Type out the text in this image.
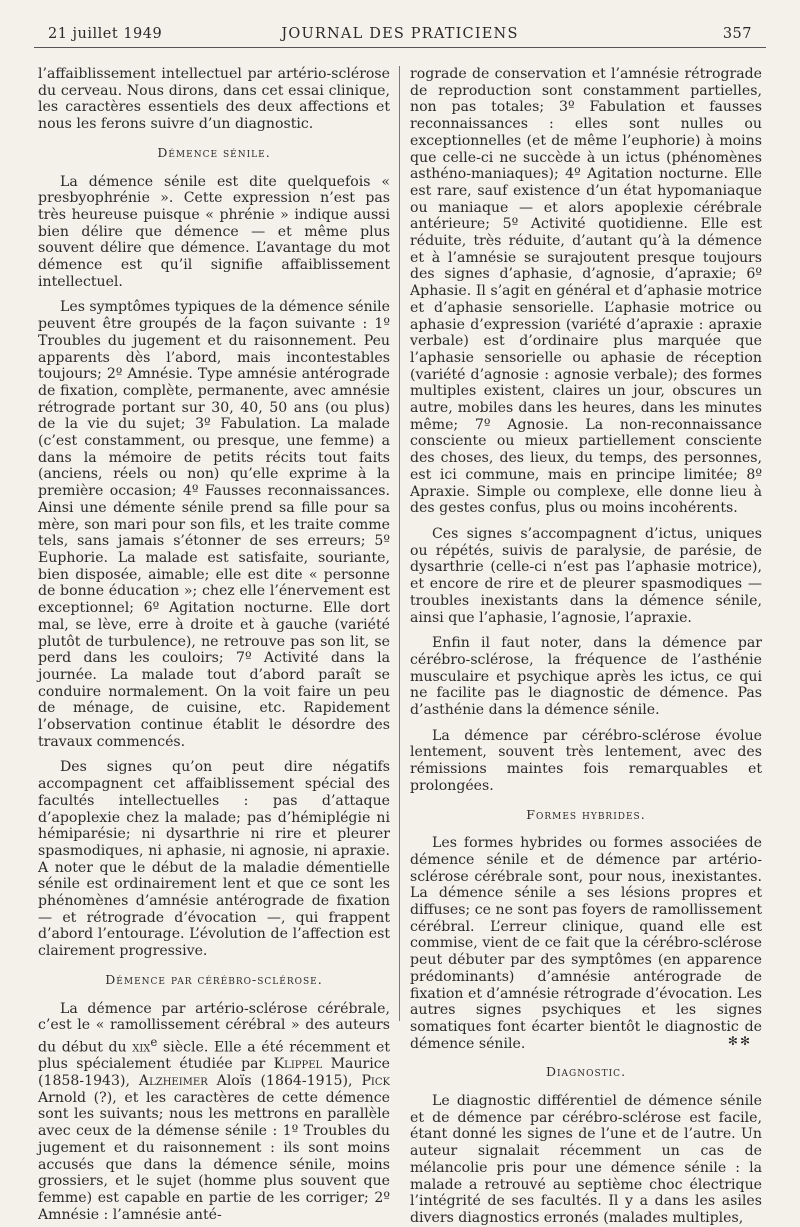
21 juillet 1949	JOURNAL DES PRATICIENS	357

l’affaiblissement intellectuel par artério-sclérose du cerveau. Nous dirons, dans cet essai clinique, les caractères essentiels des deux affections et nous les ferons suivre d’un diagnostic.

Démence sénile.

La démence sénile est dite quelquefois « presbyophrénie ». Cette expression n’est pas très heureuse puisque « phrénie » indique aussi bien délire que démence — et même plus souvent délire que démence. L’avantage du mot démence est qu’il signifie affaiblissement intellectuel.

Les symptômes typiques de la démence sénile peuvent être groupés de la façon suivante : 1º Troubles du jugement et du raisonnement. Peu apparents dès l’abord, mais incontestables toujours; 2º Amnésie. Type amnésie antérograde de fixation, complète, permanente, avec amnésie rétrograde portant sur 30, 40, 50 ans (ou plus) de la vie du sujet; 3º Fabulation. La malade (c’est constamment, ou presque, une femme) a dans la mémoire de petits récits tout faits (anciens, réels ou non) qu’elle exprime à la première occasion; 4º Fausses reconnaissances. Ainsi une démente sénile prend sa fille pour sa mère, son mari pour son fils, et les traite comme tels, sans jamais s’étonner de ses erreurs; 5º Euphorie. La malade est satisfaite, souriante, bien disposée, aimable; elle est dite « personne de bonne éducation »; chez elle l’énervement est exceptionnel; 6º Agitation nocturne. Elle dort mal, se lève, erre à droite et à gauche (variété plutôt de turbulence), ne retrouve pas son lit, se perd dans les couloirs; 7º Activité dans la journée. La malade tout d’abord paraît se conduire normalement. On la voit faire un peu de ménage, de cuisine, etc. Rapidement l’observation continue établit le désordre des travaux commencés.

Des signes qu’on peut dire négatifs accompagnent cet affaiblissement spécial des facultés intellectuelles : pas d’attaque d’apoplexie chez la malade; pas d’hémiplégie ni hémiparésie; ni dysarthrie ni rire et pleurer spasmodiques, ni aphasie, ni agnosie, ni apraxie. A noter que le début de la maladie démentielle sénile est ordinairement lent et que ce sont les phénomènes d’amnésie antérograde de fixation — et rétrograde d’évocation —, qui frappent d’abord l’entourage. L’évolution de l’affection est clairement progressive.

Démence par cérébro-sclérose.

La démence par artério-sclérose cérébrale, c’est le « ramollissement cérébral » des auteurs du début du xix$^e$ siècle. Elle a été récemment et plus spécialement étudiée par Klippel Maurice (1858-1943), Alzheimer Aloïs (1864-1915), Pick Arnold (?), et les caractères de cette démence sont les suivants; nous les mettrons en parallèle avec ceux de la démense sénile : 1º Troubles du jugement et du raisonnement : ils sont moins accusés que dans la démence sénile, moins grossiers, et le sujet (homme plus souvent que femme) est capable en partie de les corriger; 2º Amnésie : l’amnésie anté-

rograde de conservation et l’amnésie rétrograde de reproduction sont constamment partielles, non pas totales; 3º Fabulation et fausses reconnaissances : elles sont nulles ou exceptionnelles (et de même l’euphorie) à moins que celle-ci ne succède à un ictus (phénomènes asthéno-maniaques); 4º Agitation nocturne. Elle est rare, sauf existence d’un état hypomaniaque ou maniaque — et alors apoplexie cérébrale antérieure; 5º Activité quotidienne. Elle est réduite, très réduite, d’autant qu’à la démence et à l’amnésie se surajoutent presque toujours des signes d’aphasie, d’agnosie, d’apraxie; 6º Aphasie. Il s’agit en général et d’aphasie motrice et d’aphasie sensorielle. L’aphasie motrice ou aphasie d’expression (variété d’apraxie : apraxie verbale) est d’ordinaire plus marquée que l’aphasie sensorielle ou aphasie de réception (variété d’agnosie : agnosie verbale); des formes multiples existent, claires un jour, obscures un autre, mobiles dans les heures, dans les minutes même; 7º Agnosie. La non-reconnaissance consciente ou mieux partiellement consciente des choses, des lieux, du temps, des personnes, est ici commune, mais en principe limitée; 8º Apraxie. Simple ou complexe, elle donne lieu à des gestes confus, plus ou moins incohérents.

Ces signes s’accompagnent d’ictus, uniques ou répétés, suivis de paralysie, de parésie, de dysarthrie (celle-ci n’est pas l’aphasie motrice), et encore de rire et de pleurer spasmodiques — troubles inexistants dans la démence sénile, ainsi que l’aphasie, l’agnosie, l’apraxie.

Enfin il faut noter, dans la démence par cérébro-sclérose, la fréquence de l’asthénie musculaire et psychique après les ictus, ce qui ne facilite pas le diagnostic de démence. Pas d’asthénie dans la démence sénile.

La démence par cérébro-sclérose évolue lentement, souvent très lentement, avec des rémissions maintes fois remarquables et prolongées.

Formes hybrides.

Les formes hybrides ou formes associées de démence sénile et de démence par artério-sclérose cérébrale sont, pour nous, inexistantes. La démence sénile a ses lésions propres et diffuses; ce ne sont pas foyers de ramollissement cérébral. L’erreur clinique, quand elle est commise, vient de ce fait que la cérébro-sclérose peut débuter par des symptômes (en apparence prédominants) d’amnésie antérograde de fixation et d’amnésie rétrograde d’évocation. Les autres signes psychiques et les signes somatiques font écarter bientôt le diagnostic de démence sénile.

Diagnostic.

Le diagnostic différentiel de démence sénile et de démence par cérébro-sclérose est facile, étant donné les signes de l’une et de l’autre. Un auteur signalait récemment un cas de mélancolie pris pour une démence sénile : la malade a retrouvé au septième choc électrique l’intégrité de ses facultés. Il y a dans les asiles divers diagnostics erronés (malades multiples,

✻✻
